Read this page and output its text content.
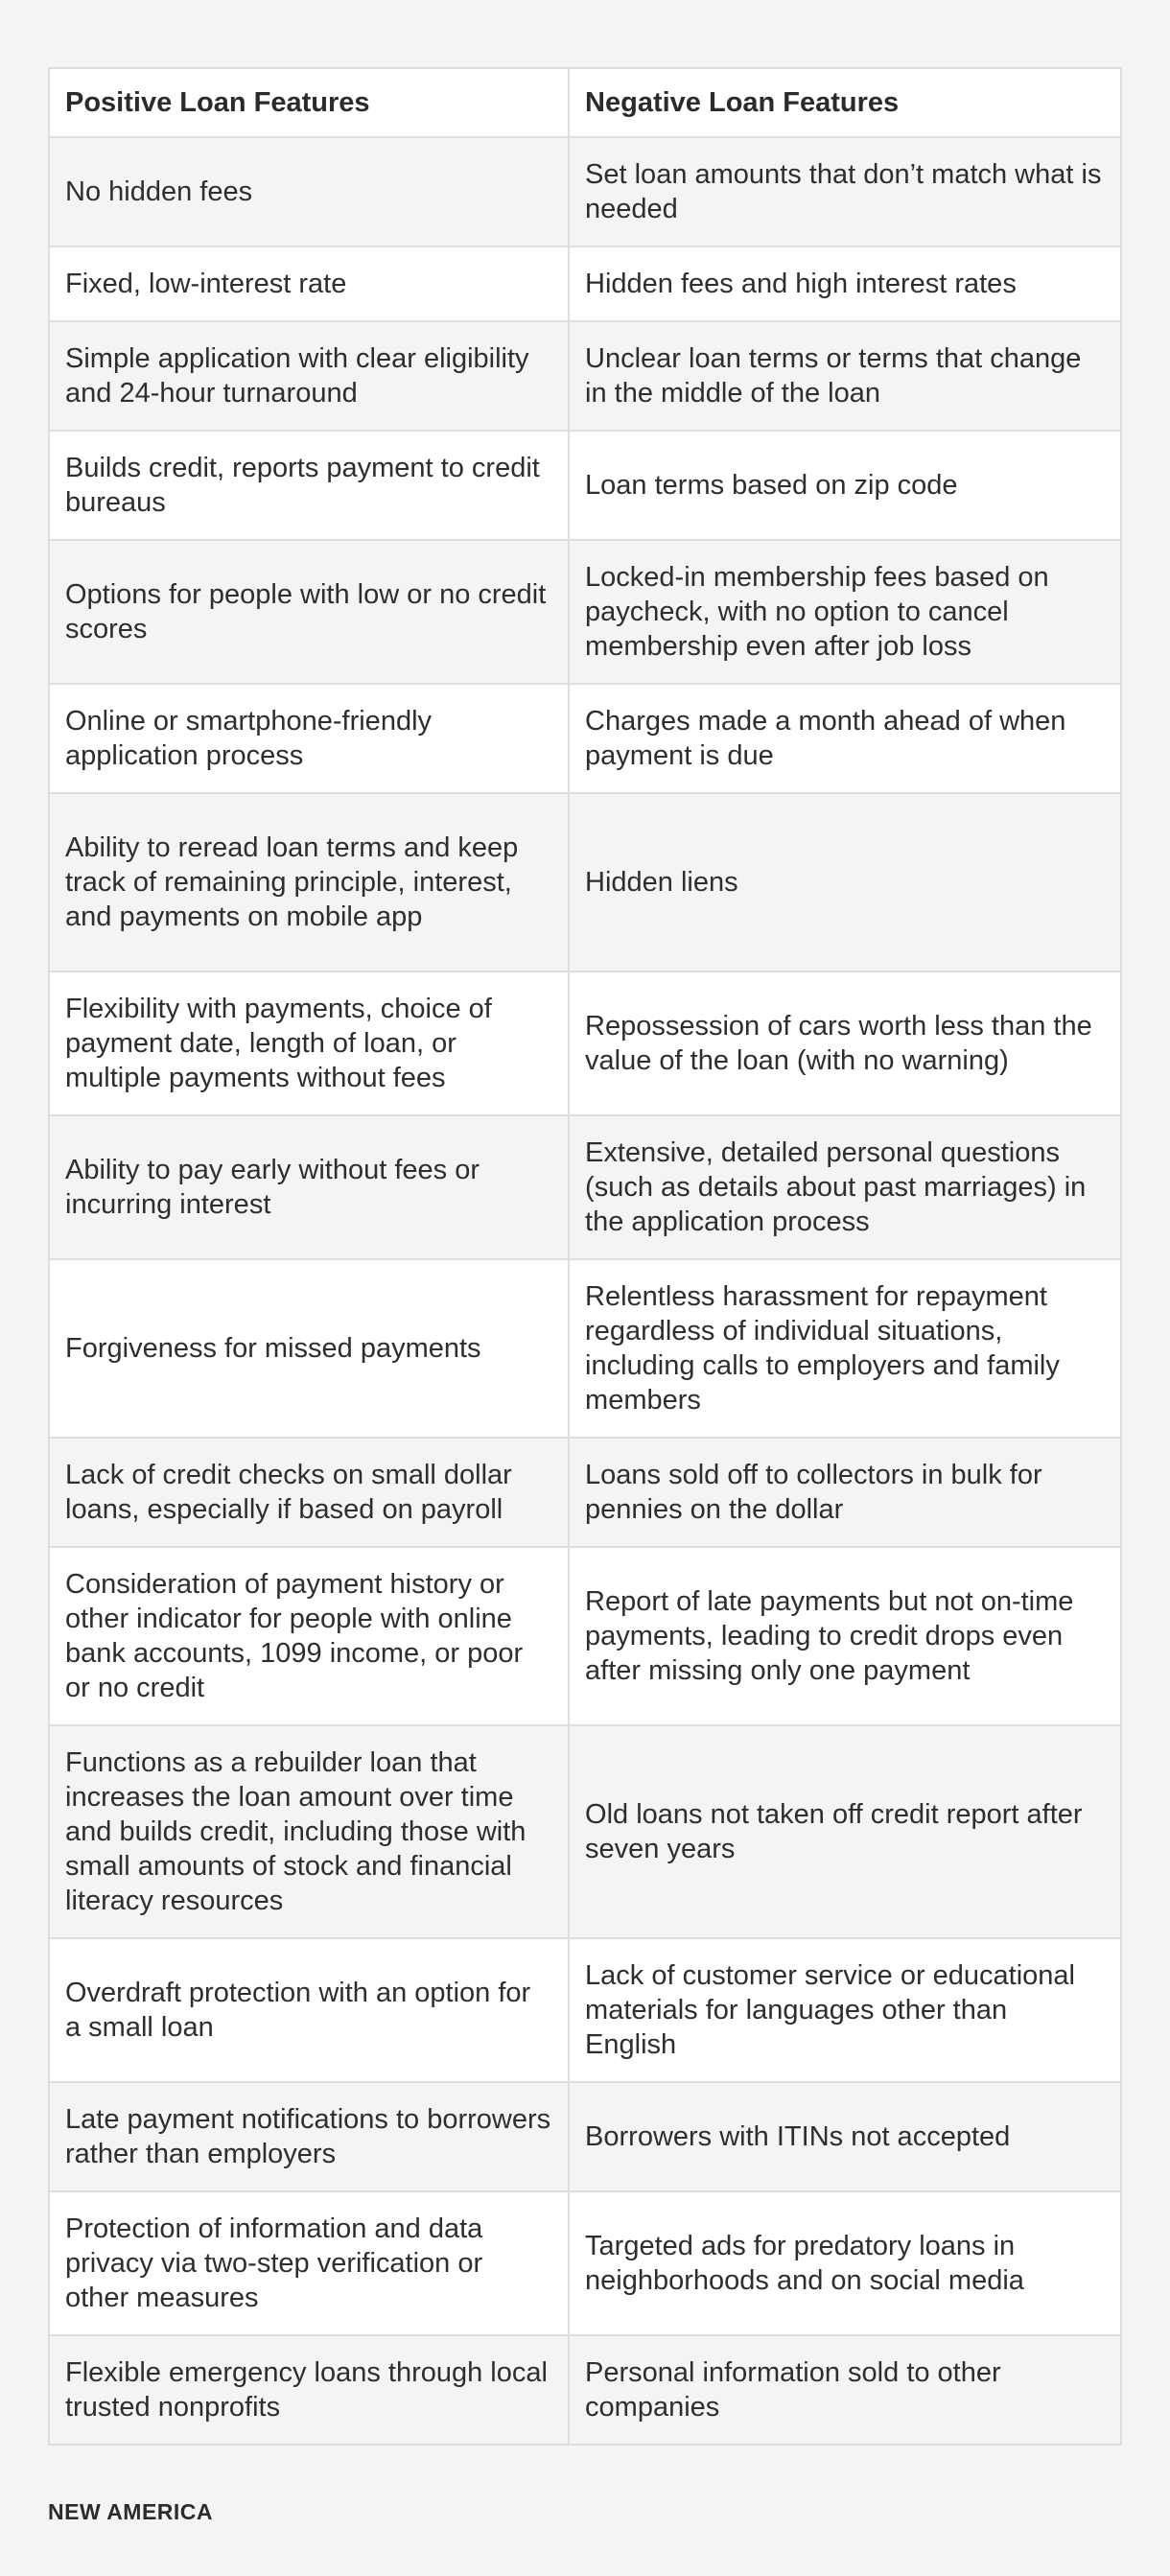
Positive Loan Features	Negative Loan Features
No hidden fees
Set loan amounts that don’t match what is needed
Fixed, low-interest rate	Hidden fees and high interest rates
Simple application with clear eligibility and 24-hour turnaround
Unclear loan terms or terms that change in the middle of the loan
Builds credit, reports payment to credit bureaus
Loan terms based on zip code
Options for people with low or no credit scores
Locked-in membership fees based on paycheck, with no option to cancel membership even after job loss
Online or smartphone-friendly application process
Charges made a month ahead of when payment is due
Ability to reread loan terms and keep track of remaining principle, interest, and payments on mobile app
Hidden liens
Flexibility with payments, choice of payment date, length of loan, or multiple payments without fees
Repossession of cars worth less than the value of the loan (with no warning)
Ability to pay early without fees or incurring interest
Extensive, detailed personal questions (such as details about past marriages) in the application process
Forgiveness for missed payments
Relentless harassment for repayment regardless of individual situations, including calls to employers and family members
Lack of credit checks on small dollar loans, especially if based on payroll
Loans sold off to collectors in bulk for pennies on the dollar
Consideration of payment history or other indicator for people with online bank accounts, 1099 income, or poor or no credit
Report of late payments but not on-time payments, leading to credit drops even after missing only one payment
Functions as a rebuilder loan that increases the loan amount over time and builds credit, including those with small amounts of stock and financial literacy resources
Old loans not taken off credit report after seven years
Overdraft protection with an option for a small loan
Lack of customer service or educational materials for languages other than English
Late payment notifications to borrowers rather than employers
Borrowers with ITINs not accepted
Protection of information and data privacy via two-step verification or other measures
Targeted ads for predatory loans in neighborhoods and on social media
Flexible emergency loans through local trusted nonprofits
Personal information sold to other companies
NEW AMERICA
